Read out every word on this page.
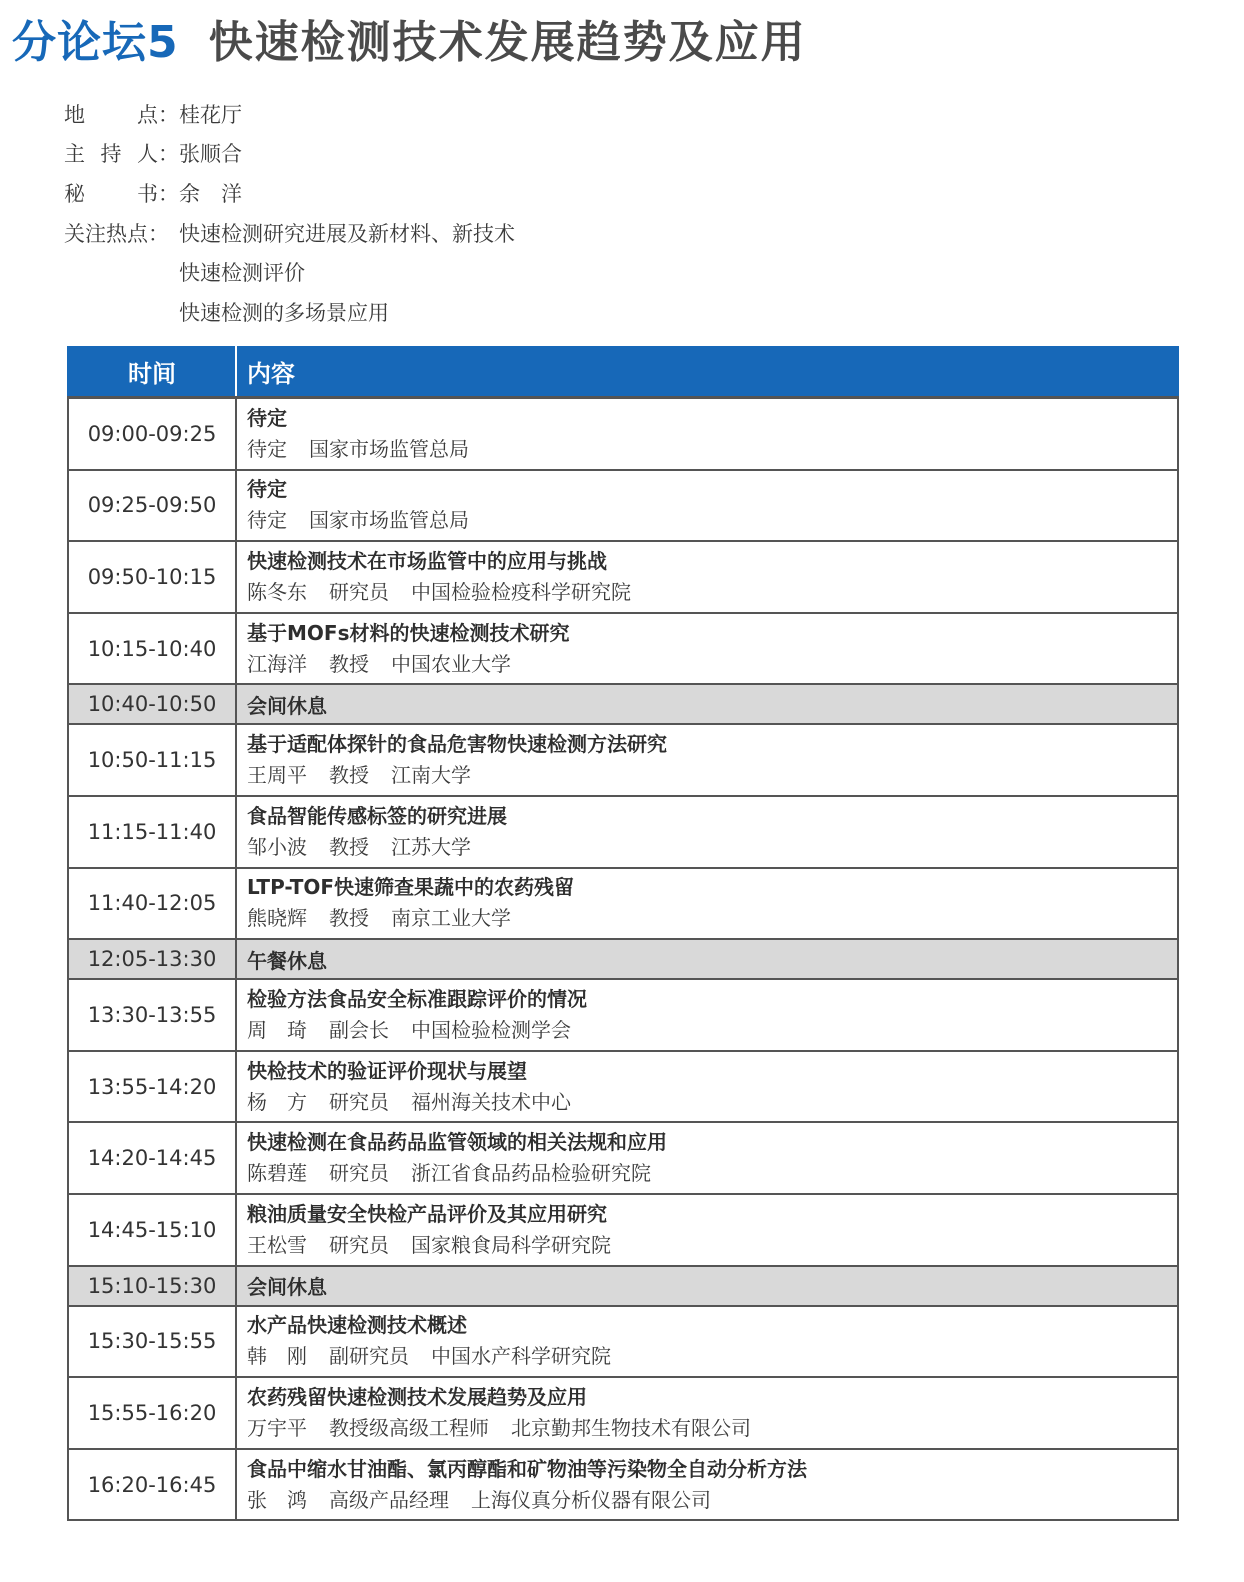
分论坛5 快速检测技术发展趋势及应用
地 点： 桂花厅
主 持 人： 张顺合
秘 书： 余　洋
关注热点： 快速检测研究进展及新材料、新技术
快速检测评价
快速检测的多场景应用
时间	内容
09:00-09:25	待定
待定 国家市场监管总局

09:25-09:50	待定
待定 国家市场监管总局

09:50-10:15	快速检测技术在市场监管中的应用与挑战
陈冬东 研究员 中国检验检疫科学研究院

10:15-10:40	基于MOFs材料的快速检测技术研究
江海洋 教授 中国农业大学

10:40-10:50	会间休息
10:50-11:15	基于适配体探针的食品危害物快速检测方法研究
王周平 教授 江南大学

11:15-11:40	食品智能传感标签的研究进展
邹小波 教授 江苏大学

11:40-12:05	LTP-TOF快速筛查果蔬中的农药残留
熊晓辉 教授 南京工业大学

12:05-13:30	午餐休息
13:30-13:55	检验方法食品安全标准跟踪评价的情况
周　琦 副会长 中国检验检测学会

13:55-14:20	快检技术的验证评价现状与展望
杨　方 研究员 福州海关技术中心

14:20-14:45	快速检测在食品药品监管领域的相关法规和应用
陈碧莲 研究员 浙江省食品药品检验研究院

14:45-15:10	粮油质量安全快检产品评价及其应用研究
王松雪 研究员 国家粮食局科学研究院

15:10-15:30	会间休息
15:30-15:55	水产品快速检测技术概述
韩　刚 副研究员 中国水产科学研究院

15:55-16:20	农药残留快速检测技术发展趋势及应用
万宇平 教授级高级工程师 北京勤邦生物技术有限公司

16:20-16:45	食品中缩水甘油酯、氯丙醇酯和矿物油等污染物全自动分析方法
张　鸿 高级产品经理 上海仪真分析仪器有限公司
